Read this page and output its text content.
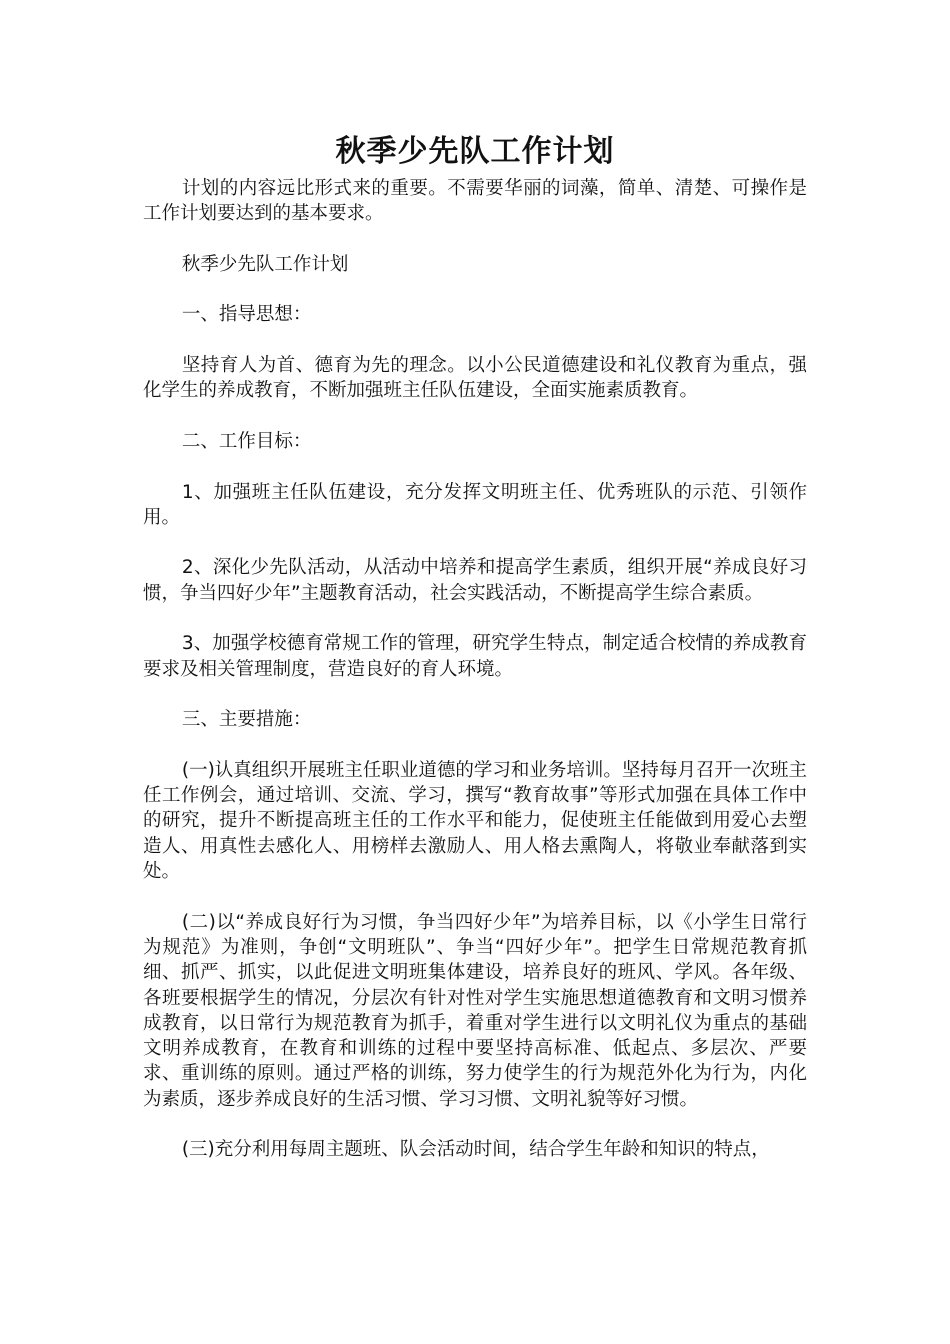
秋季少先队工作计划

计划的内容远比形式来的重要。不需要华丽的词藻，简单、清楚、可操作是工作计划要达到的基本要求。

秋季少先队工作计划

一、指导思想：

坚持育人为首、德育为先的理念。以小公民道德建设和礼仪教育为重点，强化学生的养成教育，不断加强班主任队伍建设，全面实施素质教育。

二、工作目标：

1、加强班主任队伍建设，充分发挥文明班主任、优秀班队的示范、引领作用。

2、深化少先队活动，从活动中培养和提高学生素质，组织开展“养成良好习惯，争当四好少年”主题教育活动，社会实践活动，不断提高学生综合素质。

3、加强学校德育常规工作的管理，研究学生特点，制定适合校情的养成教育要求及相关管理制度，营造良好的育人环境。

三、主要措施：

(一)认真组织开展班主任职业道德的学习和业务培训。坚持每月召开一次班主任工作例会，通过培训、交流、学习，撰写“教育故事”等形式加强在具体工作中的研究，提升不断提高班主任的工作水平和能力，促使班主任能做到用爱心去塑造人、用真性去感化人、用榜样去激励人、用人格去熏陶人，将敬业奉献落到实处。

(二)以“养成良好行为习惯，争当四好少年”为培养目标，以《小学生日常行为规范》为准则，争创“文明班队”、争当“四好少年”。把学生日常规范教育抓细、抓严、抓实，以此促进文明班集体建设，培养良好的班风、学风。各年级、各班要根据学生的情况，分层次有针对性对学生实施思想道德教育和文明习惯养成教育，以日常行为规范教育为抓手，着重对学生进行以文明礼仪为重点的基础文明养成教育，在教育和训练的过程中要坚持高标准、低起点、多层次、严要求、重训练的原则。通过严格的训练，努力使学生的行为规范外化为行为，内化为素质，逐步养成良好的生活习惯、学习习惯、文明礼貌等好习惯。

(三)充分利用每周主题班、队会活动时间，结合学生年龄和知识的特点，
